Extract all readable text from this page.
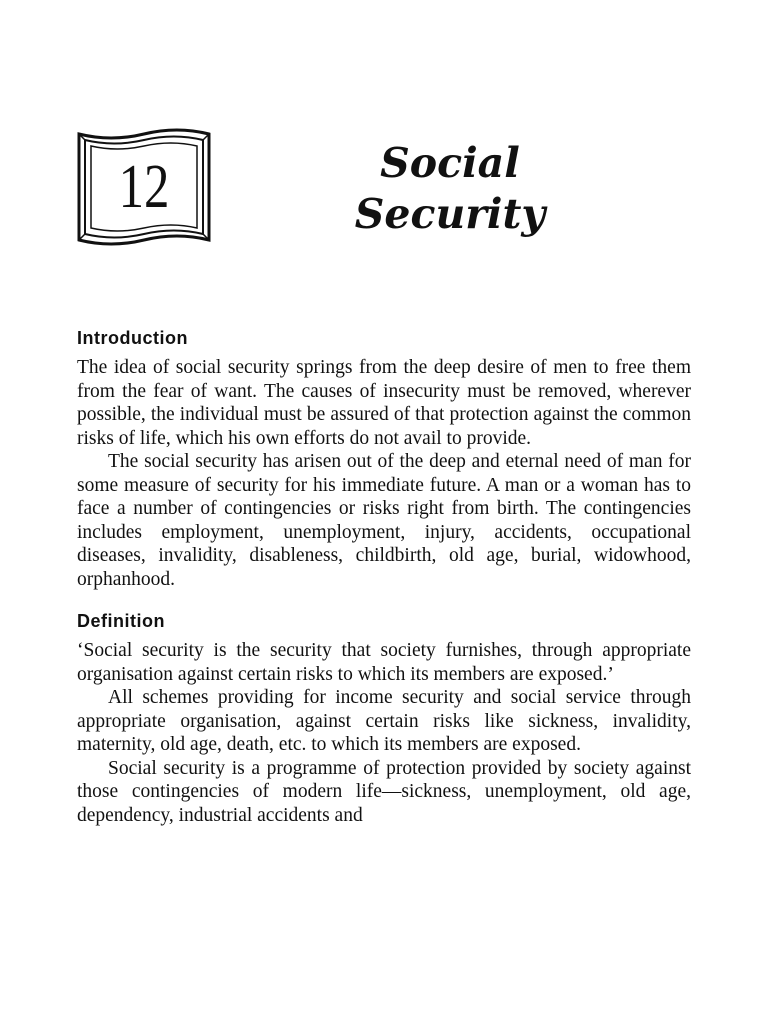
12	Social
Security
Introduction

The idea of social security springs from the deep desire of men to free them from the fear of want. The causes of insecurity must be removed, wherever possible, the individual must be assured of that protection against the common risks of life, which his own efforts do not avail to provide.

The social security has arisen out of the deep and eternal need of man for some measure of security for his immediate future. A man or a woman has to face a number of contingencies or risks right from birth. The contingencies includes employment, unemployment, injury, accidents, occupational diseases, invalidity, disableness, childbirth, old age, burial, widowhood, orphanhood.

Definition

‘Social security is the security that society furnishes, through appropriate organisation against certain risks to which its members are exposed.’

All schemes providing for income security and social service through appropriate organisation, against certain risks like sickness, invalidity, maternity, old age, death, etc. to which its members are exposed.

Social security is a programme of protection provided by society against those contingencies of modern life—sickness, unemployment, old age, dependency, industrial accidents and
